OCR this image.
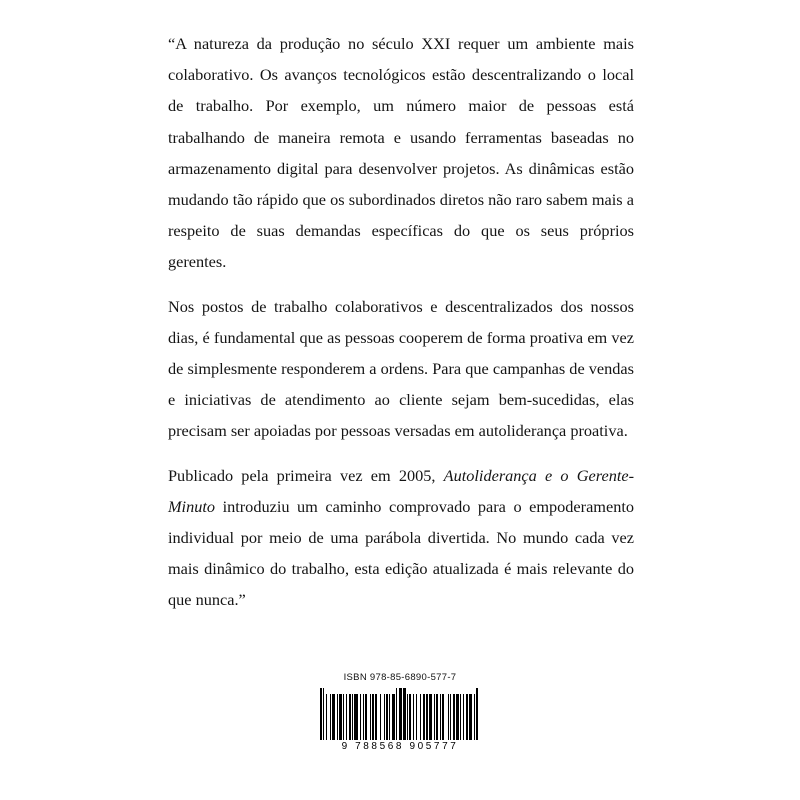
“A natureza da produção no século XXI requer um ambiente mais colaborativo. Os avanços tecnológicos estão descentralizando o local de trabalho. Por exemplo, um número maior de pessoas está trabalhando de maneira remota e usando ferramentas baseadas no armazenamento digital para desenvolver projetos. As dinâmicas estão mudando tão rápido que os subordinados diretos não raro sabem mais a respeito de suas demandas específicas do que os seus próprios gerentes.

Nos postos de trabalho colaborativos e descentralizados dos nossos dias, é fundamental que as pessoas cooperem de forma proativa em vez de simplesmente responderem a ordens. Para que campanhas de vendas e iniciativas de atendimento ao cliente sejam bem-sucedidas, elas precisam ser apoiadas por pessoas versadas em autoliderança proativa.

Publicado pela primeira vez em 2005, Autoliderança e o Gerente-Minuto introduziu um caminho comprovado para o empoderamento individual por meio de uma parábola divertida. No mundo cada vez mais dinâmico do trabalho, esta edição atualizada é mais relevante do que nunca.”

ISBN 978-85-6890-577-7
9 788568 905777
